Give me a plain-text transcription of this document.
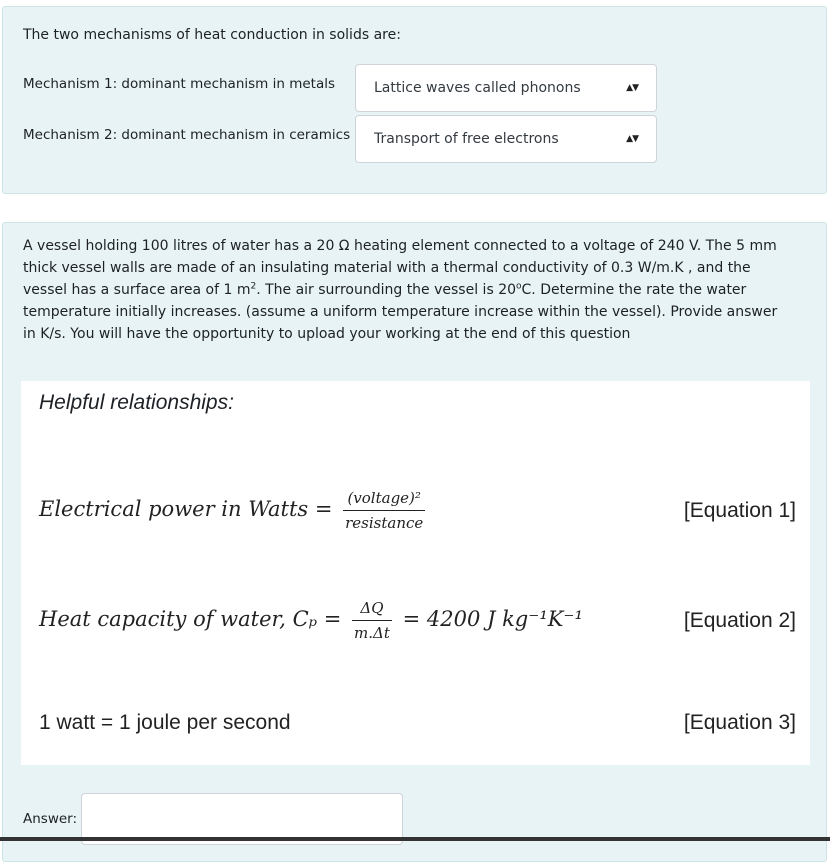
The two mechanisms of heat conduction in solids are:
Mechanism 1: dominant mechanism in metals	Lattice waves called phonons	▲▼
Mechanism 2: dominant mechanism in ceramics	Transport of free electrons	▲▼
A vessel holding 100 litres of water has a 20 Ω heating element connected to a voltage of 240 V. The 5 mm thick vessel walls are made of an insulating material with a thermal conductivity of 0.3 W/m.K , and the vessel has a surface area of 1 $m^2$. The air surrounding the vessel is 20$^o$C. Determine the rate the water temperature initially increases. (assume a uniform temperature increase within the vessel). Provide answer in K/s. You will have the opportunity to upload your working at the end of this question
Helpful relationships:
Electrical power in Watts = $\frac{\text{(voltage)²}}{\text{resistance}}$	[Equation 1]
Heat capacity of water, $C_p = \frac{\Delta Q}{m.\Delta t} = 4200$ J kg⁻¹K⁻¹	[Equation 2]
1 watt = 1 joule per second	[Equation 3]
Answer:
